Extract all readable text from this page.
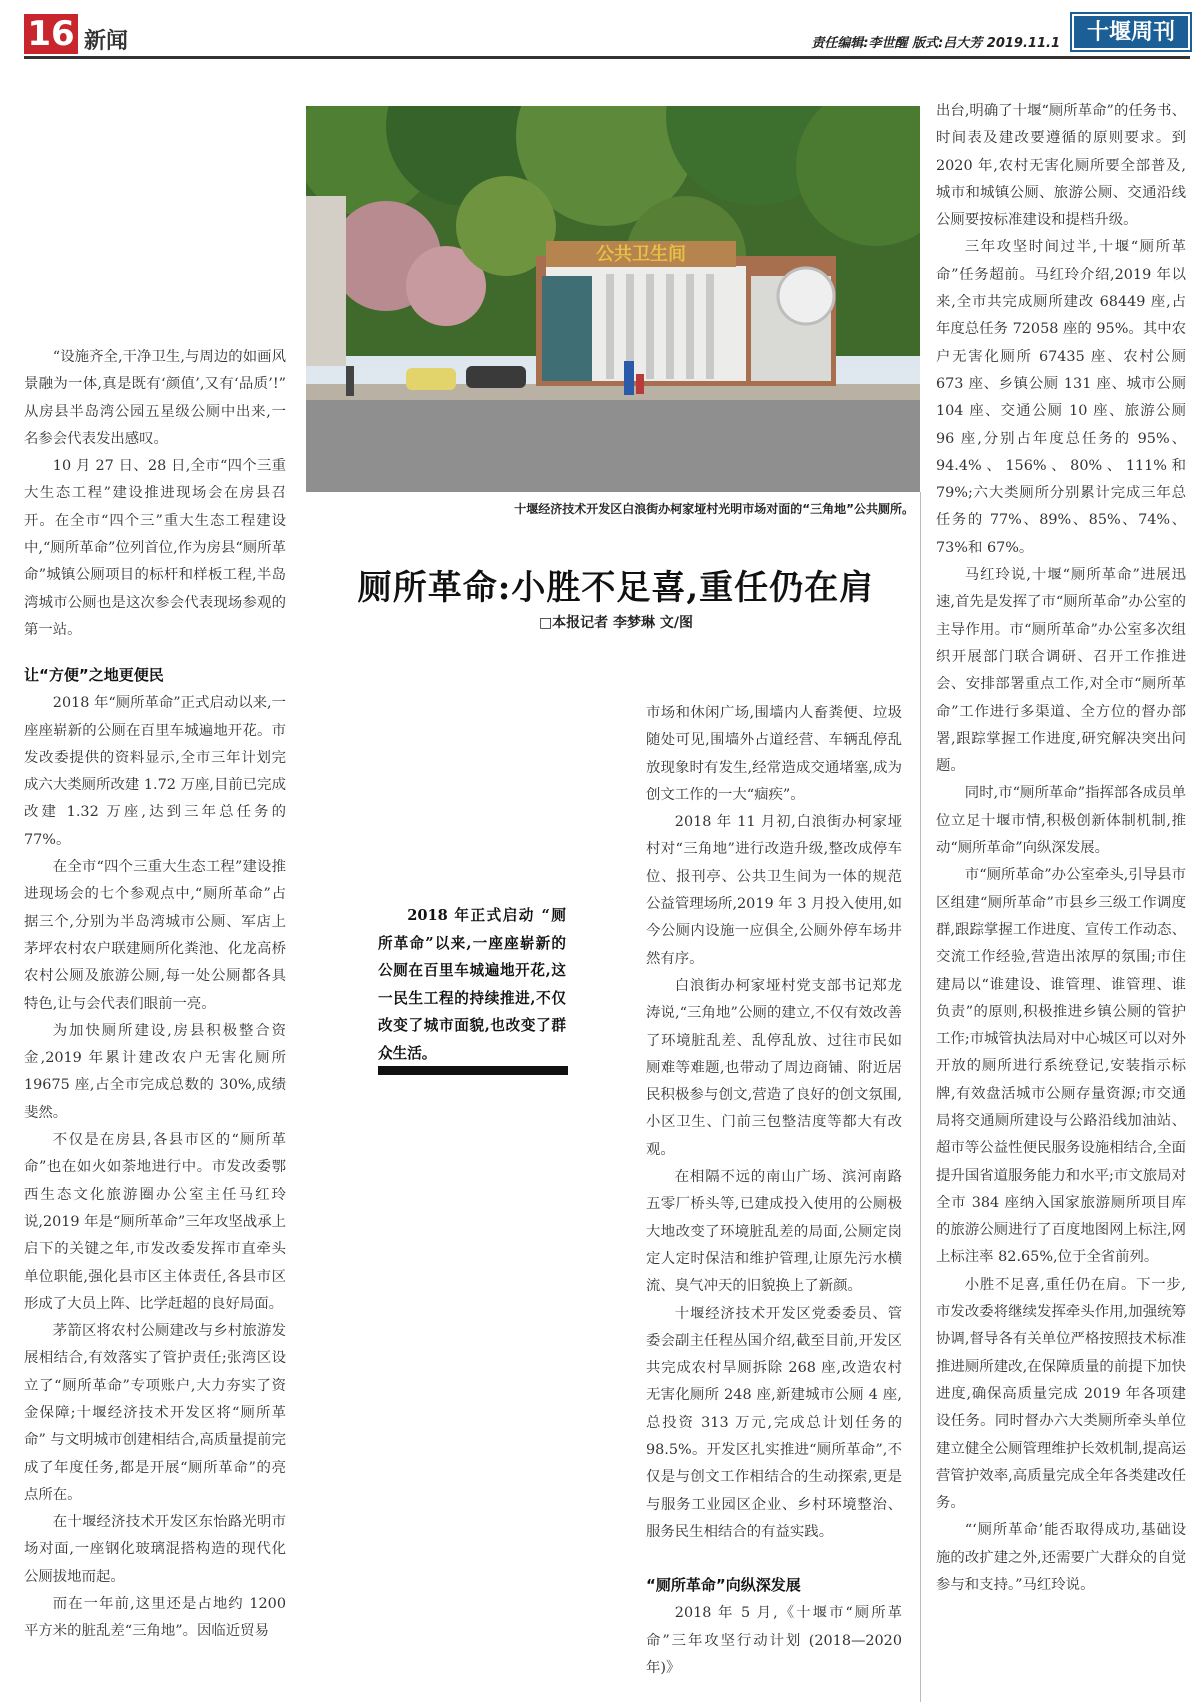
16 新闻	责任编辑:李世醒 版式:吕大芳 2019.11.1	十堰周刊

“设施齐全,干净卫生,与周边的如画风景融为一体,真是既有‘颜值’,又有‘品质’!” 从房县半岛湾公园五星级公厕中出来,一名参会代表发出感叹。

10 月 27 日、28 日,全市“四个三重大生态工程”建设推进现场会在房县召开。在全市“四个三”重大生态工程建设中,“厕所革命”位列首位,作为房县“厕所革命”城镇公厕项目的标杆和样板工程,半岛湾城市公厕也是这次参会代表现场参观的第一站。

让“方便”之地更便民

2018 年“厕所革命”正式启动以来,一座座崭新的公厕在百里车城遍地开花。市发改委提供的资料显示,全市三年计划完成六大类厕所改建 1.72 万座,目前已完成改建 1.32 万座,达到三年总任务的 77%。

在全市“四个三重大生态工程”建设推进现场会的七个参观点中,“厕所革命”占据三个,分别为半岛湾城市公厕、军店上茅坪农村农户联建厕所化粪池、化龙高桥农村公厕及旅游公厕,每一处公厕都各具特色,让与会代表们眼前一亮。

为加快厕所建设,房县积极整合资金,2019 年累计建改农户无害化厕所 19675 座,占全市完成总数的 30%,成绩斐然。

不仅是在房县,各县市区的“厕所革命”也在如火如荼地进行中。市发改委鄂西生态文化旅游圈办公室主任马红玲说,2019 年是“厕所革命”三年攻坚战承上启下的关键之年,市发改委发挥市直牵头单位职能,强化县市区主体责任,各县市区形成了大员上阵、比学赶超的良好局面。

茅箭区将农村公厕建改与乡村旅游发展相结合,有效落实了管护责任;张湾区设立了“厕所革命”专项账户,大力夯实了资金保障;十堰经济技术开发区将“厕所革命” 与文明城市创建相结合,高质量提前完成了年度任务,都是开展“厕所革命”的亮点所在。

在十堰经济技术开发区东怡路光明市场对面,一座钢化玻璃混搭构造的现代化公厕拔地而起。

而在一年前,这里还是占地约 1200 平方米的脏乱差“三角地”。因临近贸易

公共卫生间
十堰经济技术开发区白浪街办柯家垭村光明市场对面的“三角地”公共厕所。
厕所革命:小胜不足喜,重任仍在肩
□本报记者 李梦琳 文/图
2018 年正式启动 “厕所革命”以来,一座座崭新的公厕在百里车城遍地开花,这一民生工程的持续推进,不仅改变了城市面貌,也改变了群众生活。

市场和休闲广场,围墙内人畜粪便、垃圾随处可见,围墙外占道经营、车辆乱停乱放现象时有发生,经常造成交通堵塞,成为创文工作的一大“痼疾”。

2018 年 11 月初,白浪街办柯家垭村对“三角地”进行改造升级,整改成停车位、报刊亭、公共卫生间为一体的规范公益管理场所,2019 年 3 月投入使用,如今公厕内设施一应俱全,公厕外停车场井然有序。

白浪街办柯家垭村党支部书记郑龙涛说,“三角地”公厕的建立,不仅有效改善了环境脏乱差、乱停乱放、过往市民如厕难等难题,也带动了周边商铺、附近居民积极参与创文,营造了良好的创文氛围,小区卫生、门前三包整洁度等都大有改观。

在相隔不远的南山广场、滨河南路五零厂桥头等,已建成投入使用的公厕极大地改变了环境脏乱差的局面,公厕定岗定人定时保洁和维护管理,让原先污水横流、臭气冲天的旧貌换上了新颜。

十堰经济技术开发区党委委员、管委会副主任程丛国介绍,截至目前,开发区共完成农村旱厕拆除 268 座,改造农村无害化厕所 248 座,新建城市公厕 4 座,总投资 313 万元,完成总计划任务的 98.5%。开发区扎实推进“厕所革命”,不仅是与创文工作相结合的生动探索,更是与服务工业园区企业、乡村环境整治、服务民生相结合的有益实践。

“厕所革命”向纵深发展

2018 年 5 月,《十堰市“厕所革命”三年攻坚行动计划 (2018—2020 年)》

出台,明确了十堰“厕所革命”的任务书、时间表及建改要遵循的原则要求。到 2020 年,农村无害化厕所要全部普及,城市和城镇公厕、旅游公厕、交通沿线公厕要按标准建设和提档升级。

三年攻坚时间过半,十堰“厕所革命”任务超前。马红玲介绍,2019 年以来,全市共完成厕所建改 68449 座,占年度总任务 72058 座的 95%。其中农户无害化厕所 67435 座、农村公厕 673 座、乡镇公厕 131 座、城市公厕 104 座、交通公厕 10 座、旅游公厕 96 座,分别占年度总任务的 95%、94.4%、156%、80%、111%和 79%;六大类厕所分别累计完成三年总任务的 77%、89%、85%、74%、73%和 67%。

马红玲说,十堰“厕所革命”进展迅速,首先是发挥了市“厕所革命”办公室的主导作用。市“厕所革命”办公室多次组织开展部门联合调研、召开工作推进会、安排部署重点工作,对全市“厕所革命”工作进行多渠道、全方位的督办部署,跟踪掌握工作进度,研究解决突出问题。

同时,市“厕所革命”指挥部各成员单位立足十堰市情,积极创新体制机制,推动“厕所革命”向纵深发展。

市“厕所革命”办公室牵头,引导县市区组建“厕所革命”市县乡三级工作调度群,跟踪掌握工作进度、宣传工作动态、交流工作经验,营造出浓厚的氛围;市住建局以“谁建设、谁管理、谁管理、谁负责”的原则,积极推进乡镇公厕的管护工作;市城管执法局对中心城区可以对外开放的厕所进行系统登记,安装指示标牌,有效盘活城市公厕存量资源;市交通局将交通厕所建设与公路沿线加油站、超市等公益性便民服务设施相结合,全面提升国省道服务能力和水平;市文旅局对全市 384 座纳入国家旅游厕所项目库的旅游公厕进行了百度地图网上标注,网上标注率 82.65%,位于全省前列。

小胜不足喜,重任仍在肩。下一步,市发改委将继续发挥牵头作用,加强统筹协调,督导各有关单位严格按照技术标准推进厕所建改,在保障质量的前提下加快进度,确保高质量完成 2019 年各项建设任务。同时督办六大类厕所牵头单位建立健全公厕管理维护长效机制,提高运营管护效率,高质量完成全年各类建改任务。

“‘厕所革命’能否取得成功,基础设施的改扩建之外,还需要广大群众的自觉参与和支持。”马红玲说。
